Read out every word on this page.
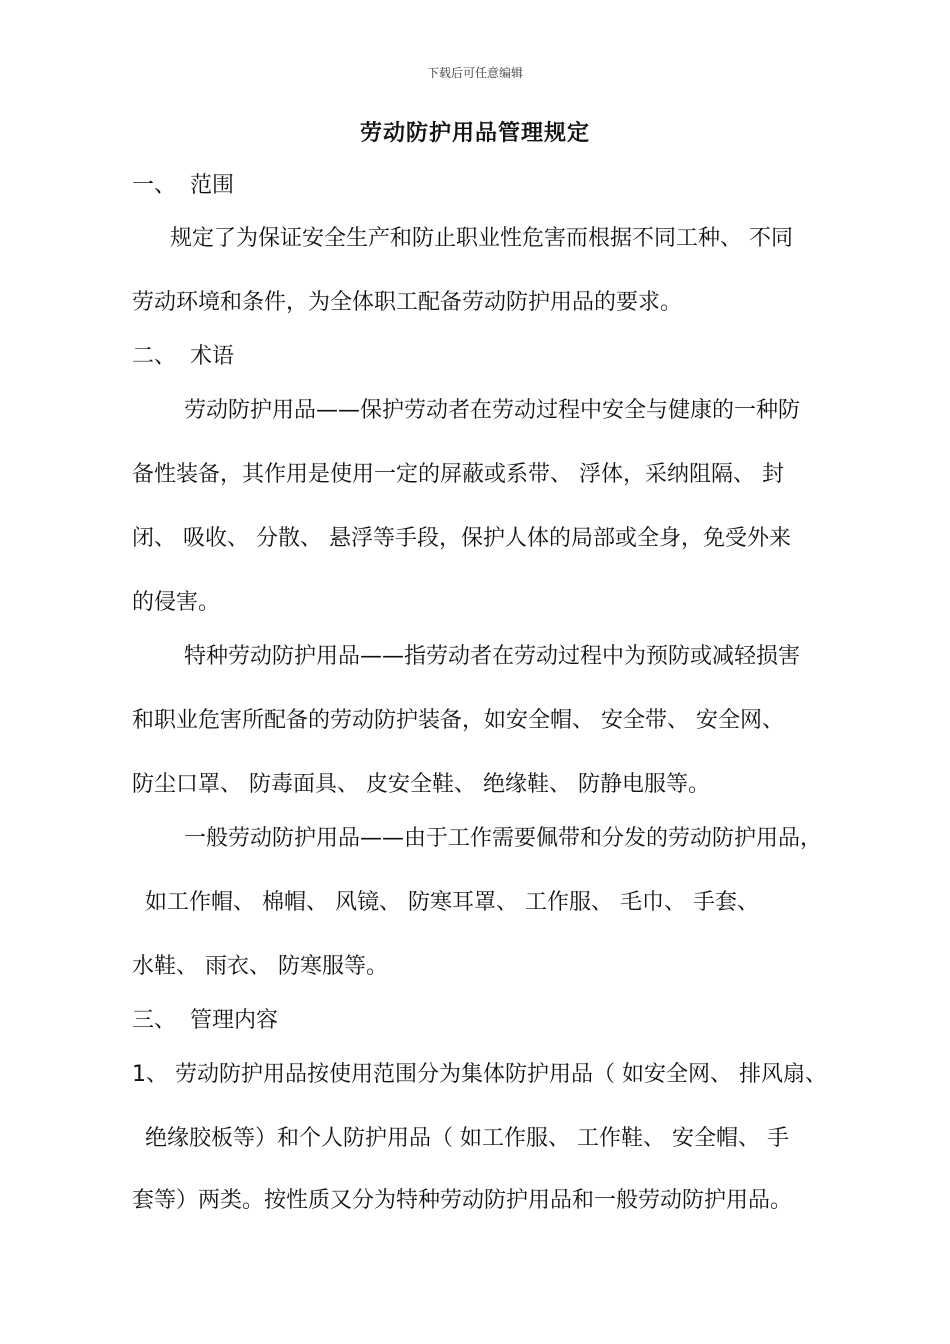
下载后可任意编辑
劳动防护用品管理规定
一、 范围
规定了为保证安全生产和防止职业性危害而根据不同工种、 不同
劳动环境和条件，为全体职工配备劳动防护用品的要求。
二、 术语
劳动防护用品——保护劳动者在劳动过程中安全与健康的一种防
备性装备，其作用是使用一定的屏蔽或系带、 浮体，采纳阻隔、 封
闭、 吸收、 分散、 悬浮等手段，保护人体的局部或全身，免受外来
的侵害。
特种劳动防护用品——指劳动者在劳动过程中为预防或减轻损害
和职业危害所配备的劳动防护装备，如安全帽、 安全带、 安全网、
防尘口罩、 防毒面具、 皮安全鞋、 绝缘鞋、 防静电服等。
一般劳动防护用品——由于工作需要佩带和分发的劳动防护用品，
如工作帽、 棉帽、 风镜、 防寒耳罩、 工作服、 毛巾、 手套、
水鞋、 雨衣、 防寒服等。
三、 管理内容
1、 劳动防护用品按使用范围分为集体防护用品（ 如安全网、 排风扇、
绝缘胶板等）和个人防护用品（ 如工作服、 工作鞋、 安全帽、 手
套等）两类。按性质又分为特种劳动防护用品和一般劳动防护用品。
